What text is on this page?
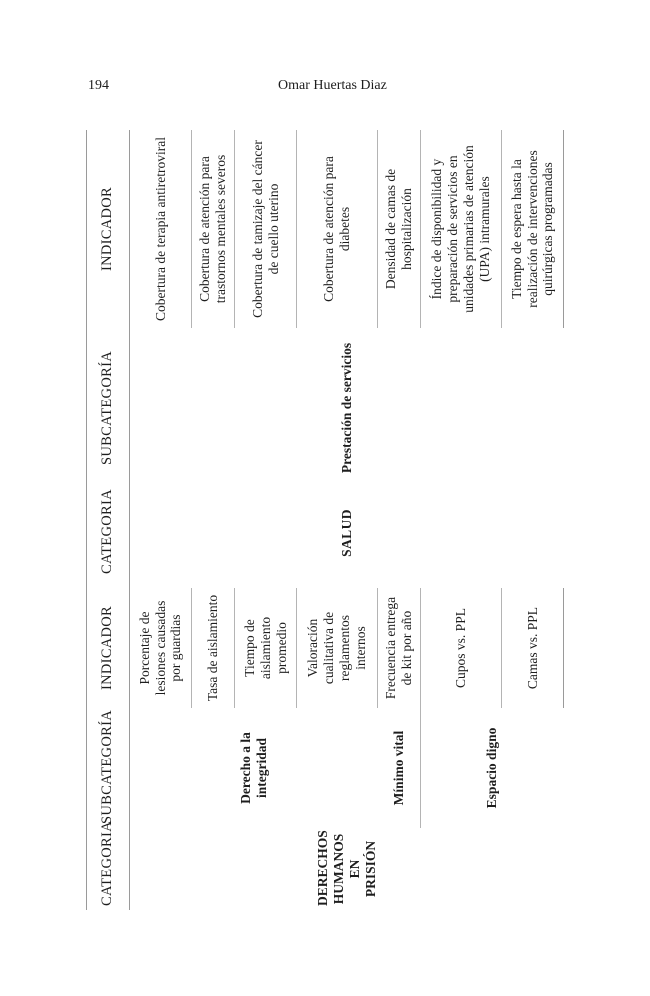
194	Omar Huertas Diaz
CATEGORIA	SUBCATEGORÍA	INDICADOR	CATEGORIA	SUBCATEGORÍA	INDICADOR
DERECHOS HUMANOS EN PRISIÓN	Derecho a la integridad	Porcentaje de lesiones causadas por guardias	SALUD	Prestación de servicios	Cobertura de terapia antiretroviral
		Tasa de aislamiento			Cobertura de atención para trastornos mentales severos
		Tiempo de aislamiento promedio			Cobertura de tamizaje del cáncer de cuello uterino
		Valoración cualitativa de reglamentos internos			Cobertura de atención para diabetes
	Mínimo vital	Frecuencia entrega de kit por año			Densidad de camas de hospitalización
	Espacio digno	Cupos vs. PPL			Índice de disponibilidad y preparación de servicios en unidades primarias de atención (UPA) intramurales
		Camas vs. PPL			Tiempo de espera hasta la realización de intervenciones quirúrgicas programadas
